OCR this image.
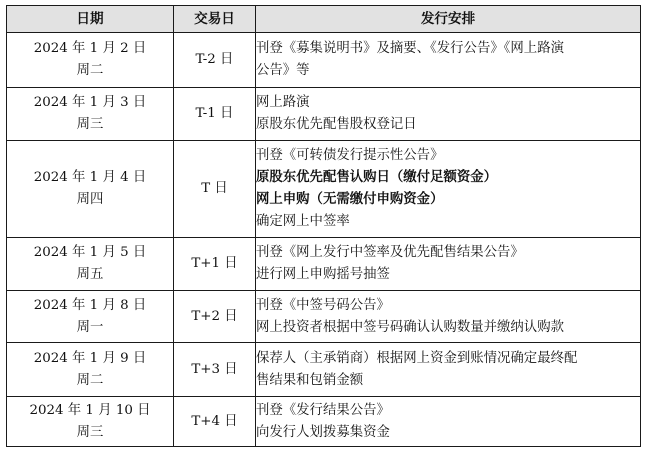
日期	交易日	发行安排

2024 年 1 月 2 日
周二	T-2 日	刊登《募集说明书》及摘要、《发行公告》《网上路演
公告》等

2024 年 1 月 3 日
周三	T-1 日	网上路演
原股东优先配售股权登记日

2024 年 1 月 4 日
周四	T 日	刊登《可转债发行提示性公告》
原股东优先配售认购日（缴付足额资金）
网上申购（无需缴付申购资金）
确定网上中签率

2024 年 1 月 5 日
周五	T+1 日	刊登《网上发行中签率及优先配售结果公告》
进行网上申购摇号抽签

2024 年 1 月 8 日
周一	T+2 日	刊登《中签号码公告》
网上投资者根据中签号码确认认购数量并缴纳认购款

2024 年 1 月 9 日
周二	T+3 日	保荐人（主承销商）根据网上资金到账情况确定最终配
售结果和包销金额

2024 年 1 月 10 日
周三	T+4 日	刊登《发行结果公告》
向发行人划拨募集资金
